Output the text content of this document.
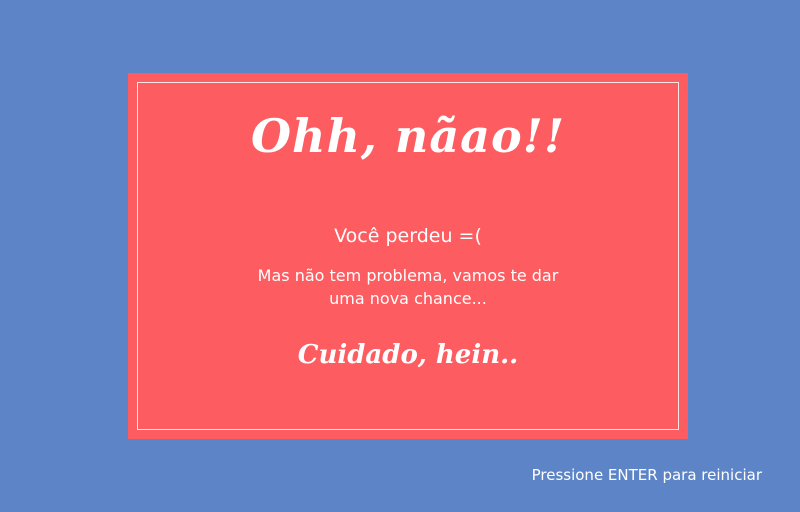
Ohh, nãao!!
Você perdeu =(
Mas não tem problema, vamos te dar
uma nova chance...
Cuidado, hein..
Pressione ENTER para reiniciar
